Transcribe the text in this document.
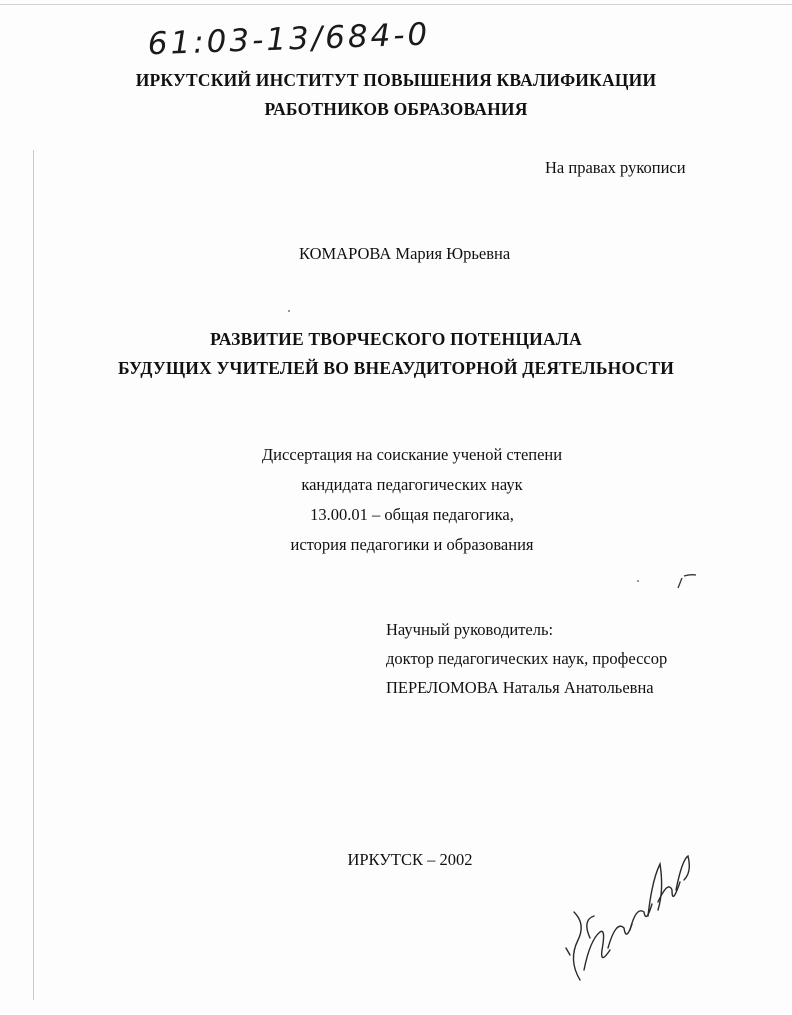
61:03-13/684-0

ИРКУТСКИЙ ИНСТИТУТ ПОВЫШЕНИЯ КВАЛИФИКАЦИИ

РАБОТНИКОВ ОБРАЗОВАНИЯ

На правах рукописи

КОМАРОВА Мария Юрьевна

РАЗВИТИЕ ТВОРЧЕСКОГО ПОТЕНЦИАЛА

БУДУЩИХ УЧИТЕЛЕЙ ВО ВНЕАУДИТОРНОЙ ДЕЯТЕЛЬНОСТИ

Диссертация на соискание ученой степени

кандидата педагогических наук

13.00.01 – общая педагогика,

история педагогики и образования

Научный руководитель:

доктор педагогических наук, профессор

ПЕРЕЛОМОВА Наталья Анатольевна

ИРКУТСК – 2002
